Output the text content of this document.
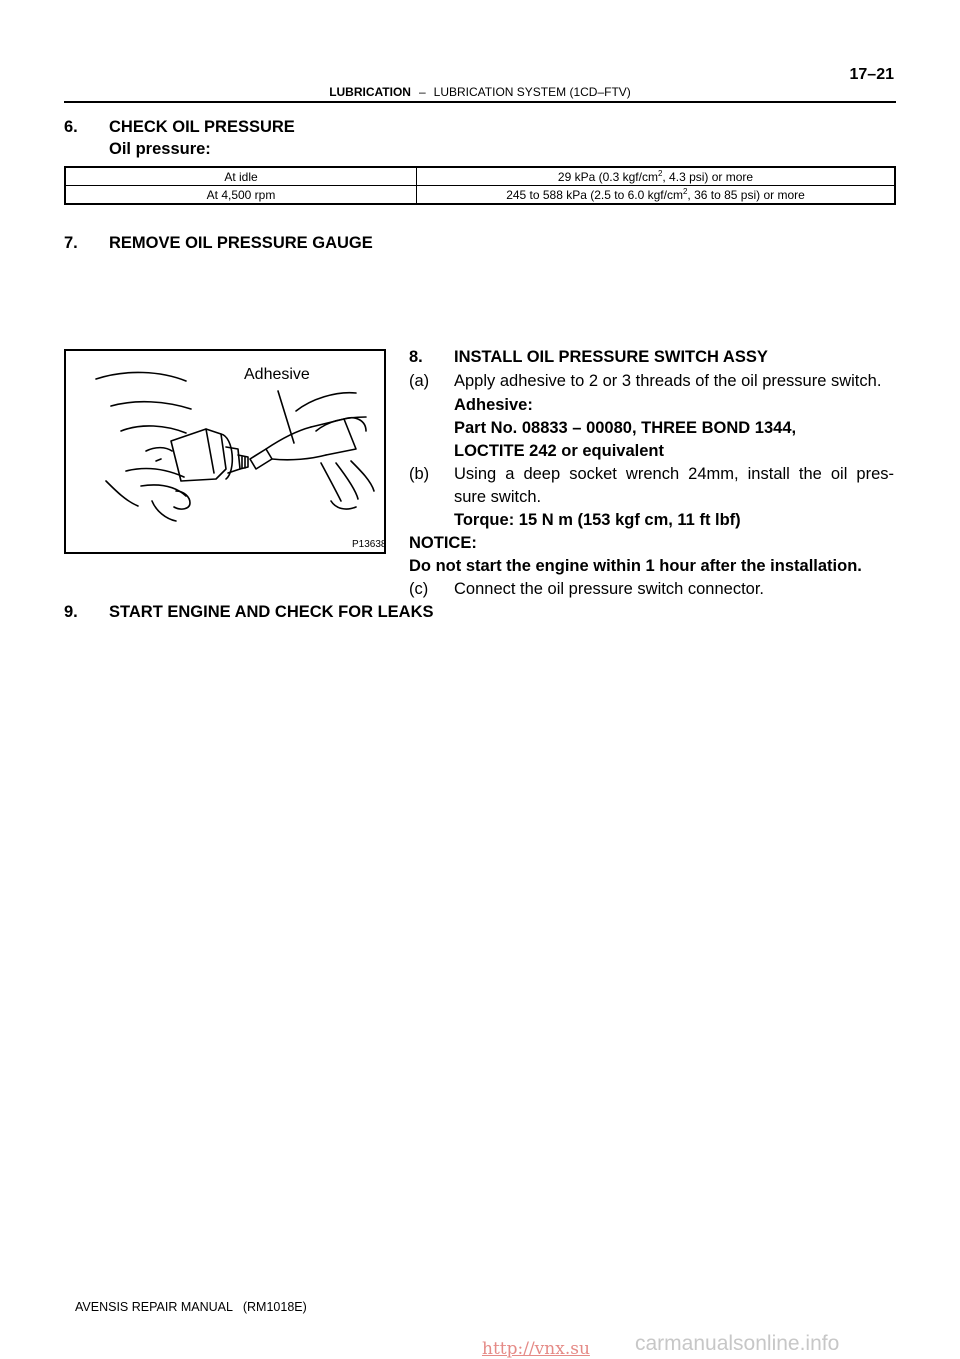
17–21
LUBRICATION – LUBRICATION SYSTEM (1CD–FTV)
6. CHECK OIL PRESSURE
Oil pressure:
At idle	29 kPa (0.3 kgf/$cm^2$, 4.3 psi) or more
At 4,500 rpm	245 to 588 kPa (2.5 to 6.0 kgf/$cm^2$, 36 to 85 psi) or more
7. REMOVE OIL PRESSURE GAUGE
Adhesive
P13638
8. INSTALL OIL PRESSURE SWITCH ASSY
(a) Apply adhesive to 2 or 3 threads of the oil pressure switch.
Adhesive:
Part No. 08833 – 00080, THREE BOND 1344,
LOCTITE 242 or equivalent
(b) Using a deep socket wrench 24mm, install the oil pres-
sure switch.
Torque: 15 N m (153 kgf cm, 11 ft lbf)
NOTICE:
Do not start the engine within 1 hour after the installation.
(c) Connect the oil pressure switch connector.
9. START ENGINE AND CHECK FOR LEAKS
AVENSIS REPAIR MANUAL   (RM1018E)
http://vnx.su carmanualsonline.info
